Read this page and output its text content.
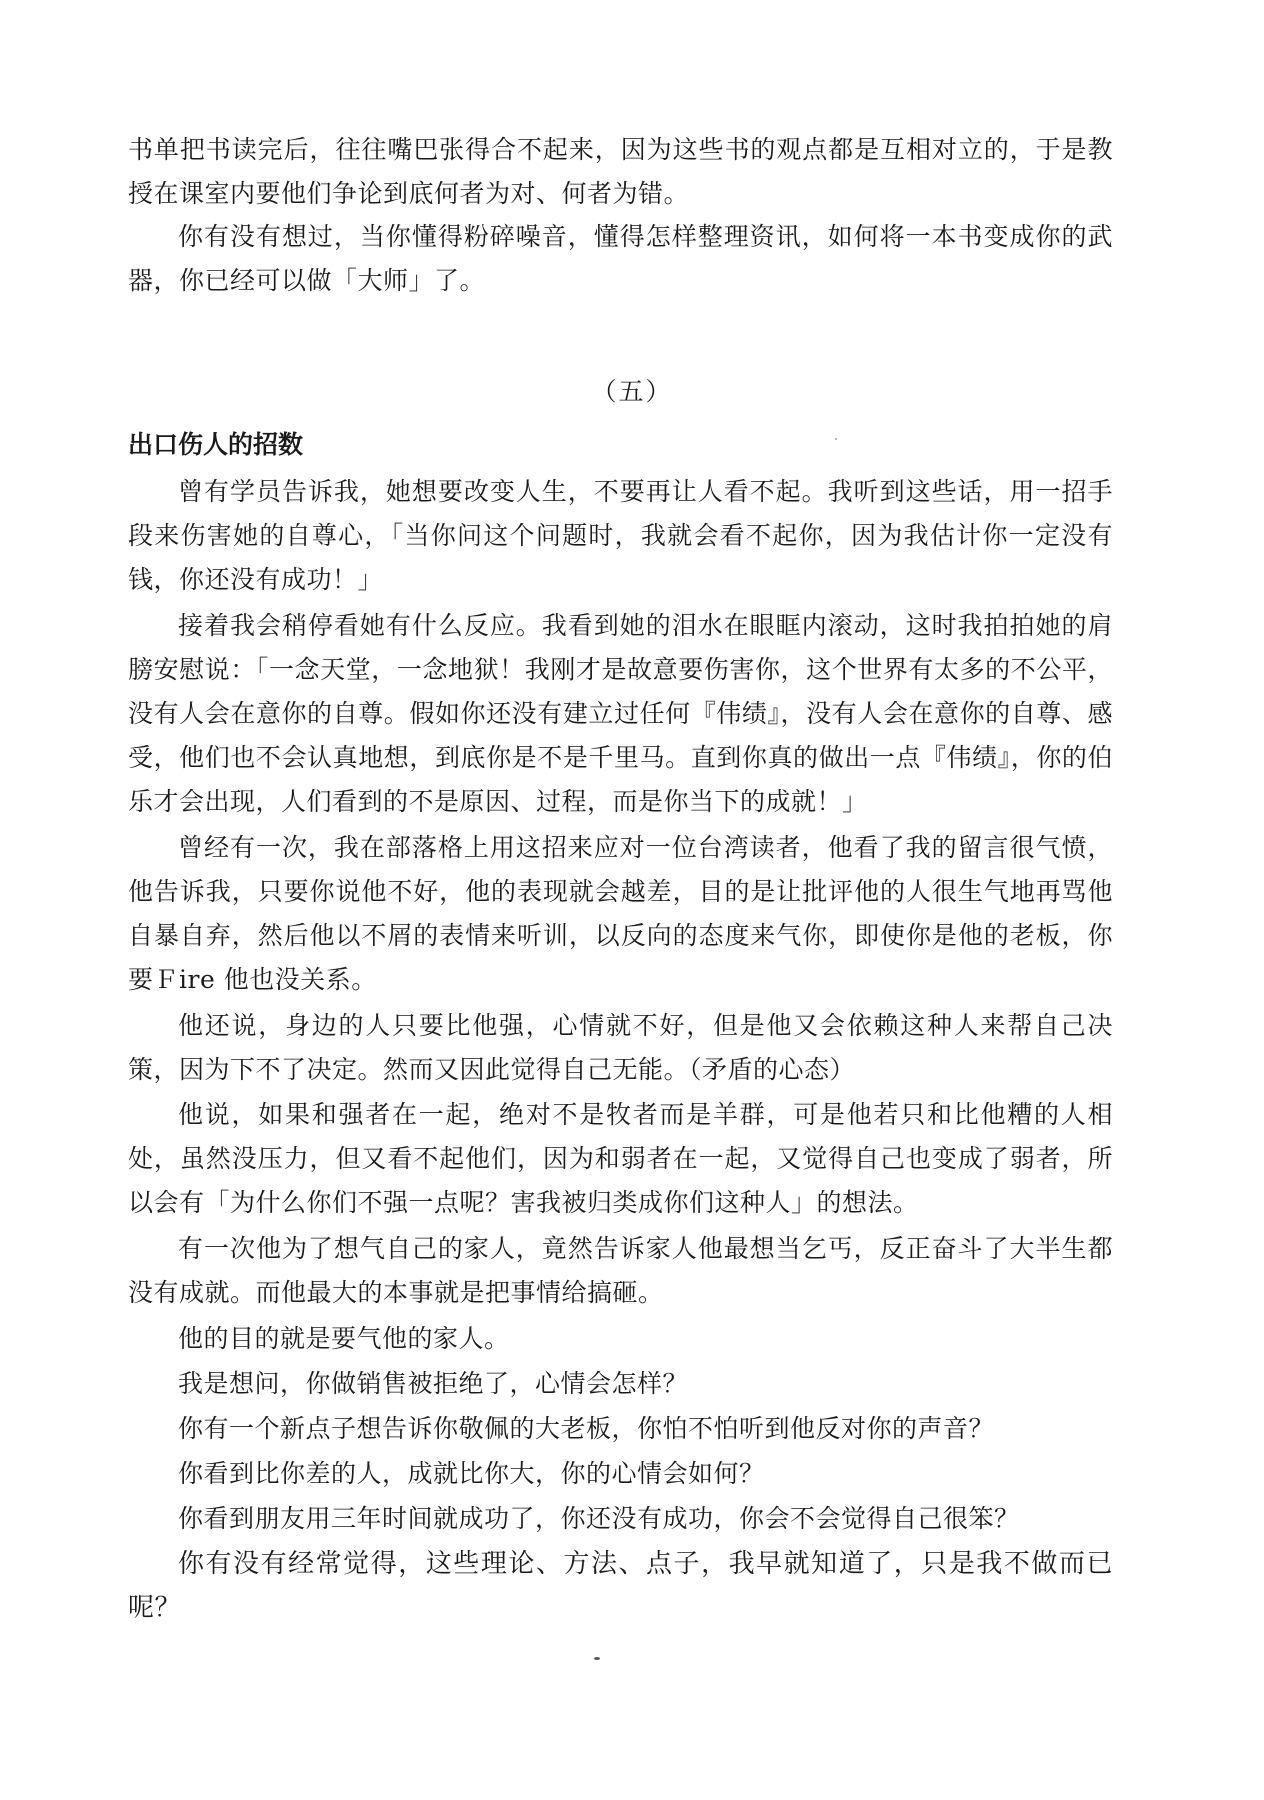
书单把书读完后，往往嘴巴张得合不起来，因为这些书的观点都是互相对立的，于是教授在课室内要他们争论到底何者为对、何者为错。

你有没有想过，当你懂得粉碎噪音，懂得怎样整理资讯，如何将一本书变成你的武器，你已经可以做「大师」了。

（五）

出口伤人的招数

曾有学员告诉我，她想要改变人生，不要再让人看不起。我听到这些话，用一招手段来伤害她的自尊心，「当你问这个问题时，我就会看不起你，因为我估计你一定没有钱，你还没有成功！」

接着我会稍停看她有什么反应。我看到她的泪水在眼眶内滚动，这时我拍拍她的肩膀安慰说：「一念天堂，一念地狱！我刚才是故意要伤害你，这个世界有太多的不公平，没有人会在意你的自尊。假如你还没有建立过任何『伟绩』，没有人会在意你的自尊、感受，他们也不会认真地想，到底你是不是千里马。直到你真的做出一点『伟绩』，你的伯乐才会出现，人们看到的不是原因、过程，而是你当下的成就！」

曾经有一次，我在部落格上用这招来应对一位台湾读者，他看了我的留言很气愤，他告诉我，只要你说他不好，他的表现就会越差，目的是让批评他的人很生气地再骂他自暴自弃，然后他以不屑的表情来听训，以反向的态度来气你，即使你是他的老板，你要Ｆire 他也没关系。

他还说，身边的人只要比他强，心情就不好，但是他又会依赖这种人来帮自己决策，因为下不了决定。然而又因此觉得自己无能。（矛盾的心态）

他说，如果和强者在一起，绝对不是牧者而是羊群，可是他若只和比他糟的人相处，虽然没压力，但又看不起他们，因为和弱者在一起，又觉得自己也变成了弱者，所以会有「为什么你们不强一点呢？害我被归类成你们这种人」的想法。

有一次他为了想气自己的家人，竟然告诉家人他最想当乞丐，反正奋斗了大半生都没有成就。而他最大的本事就是把事情给搞砸。

他的目的就是要气他的家人。

我是想问，你做销售被拒绝了，心情会怎样？

你有一个新点子想告诉你敬佩的大老板，你怕不怕听到他反对你的声音？

你看到比你差的人，成就比你大，你的心情会如何？

你看到朋友用三年时间就成功了，你还没有成功，你会不会觉得自己很笨？

你有没有经常觉得，这些理论、方法、点子，我早就知道了，只是我不做而已呢？
